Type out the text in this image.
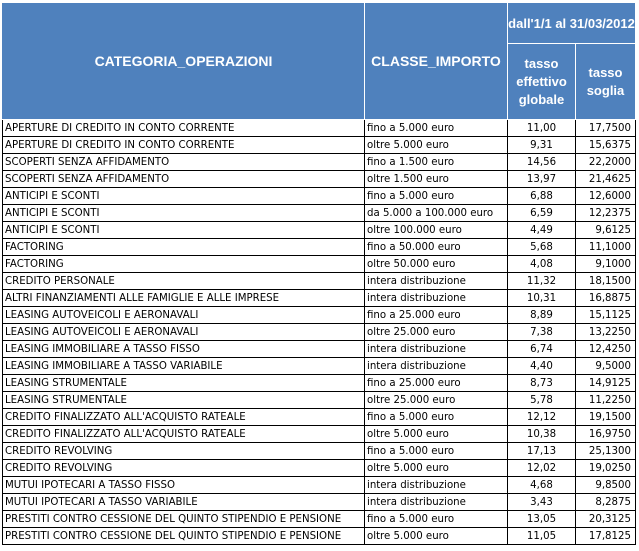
CATEGORIA_OPERAZIONI	CLASSE_IMPORTO	dall'1/1 al 31/03/2012	
		tasso effettivo globale	tasso soglia
APERTURE DI CREDITO IN CONTO CORRENTE	fino a 5.000 euro	11,00	17,7500
APERTURE DI CREDITO IN CONTO CORRENTE	oltre 5.000 euro	9,31	15,6375
SCOPERTI SENZA AFFIDAMENTO	fino a 1.500 euro	14,56	22,2000
SCOPERTI SENZA AFFIDAMENTO	oltre 1.500 euro	13,97	21,4625
ANTICIPI E SCONTI	fino a 5.000 euro	6,88	12,6000
ANTICIPI E SCONTI	da 5.000 a 100.000 euro	6,59	12,2375
ANTICIPI E SCONTI	oltre 100.000 euro	4,49	9,6125
FACTORING	fino a 50.000 euro	5,68	11,1000
FACTORING	oltre 50.000 euro	4,08	9,1000
CREDITO PERSONALE	intera distribuzione	11,32	18,1500
ALTRI FINANZIAMENTI ALLE FAMIGLIE E ALLE IMPRESE	intera distribuzione	10,31	16,8875
LEASING AUTOVEICOLI E AERONAVALI	fino a 25.000 euro	8,89	15,1125
LEASING AUTOVEICOLI E AERONAVALI	oltre 25.000 euro	7,38	13,2250
LEASING IMMOBILIARE A TASSO FISSO	intera distribuzione	6,74	12,4250
LEASING IMMOBILIARE A TASSO VARIABILE	intera distribuzione	4,40	9,5000
LEASING STRUMENTALE	fino a 25.000 euro	8,73	14,9125
LEASING STRUMENTALE	oltre 25.000 euro	5,78	11,2250
CREDITO FINALIZZATO ALL'ACQUISTO RATEALE	fino a 5.000 euro	12,12	19,1500
CREDITO FINALIZZATO ALL'ACQUISTO RATEALE	oltre 5.000 euro	10,38	16,9750
CREDITO REVOLVING	fino a 5.000 euro	17,13	25,1300
CREDITO REVOLVING	oltre 5.000 euro	12,02	19,0250
MUTUI IPOTECARI A TASSO FISSO	intera distribuzione	4,68	9,8500
MUTUI IPOTECARI A TASSO VARIABILE	intera distribuzione	3,43	8,2875
PRESTITI CONTRO CESSIONE DEL QUINTO STIPENDIO E PENSIONE	fino a 5.000 euro	13,05	20,3125
PRESTITI CONTRO CESSIONE DEL QUINTO STIPENDIO E PENSIONE	oltre 5.000 euro	11,05	17,8125
